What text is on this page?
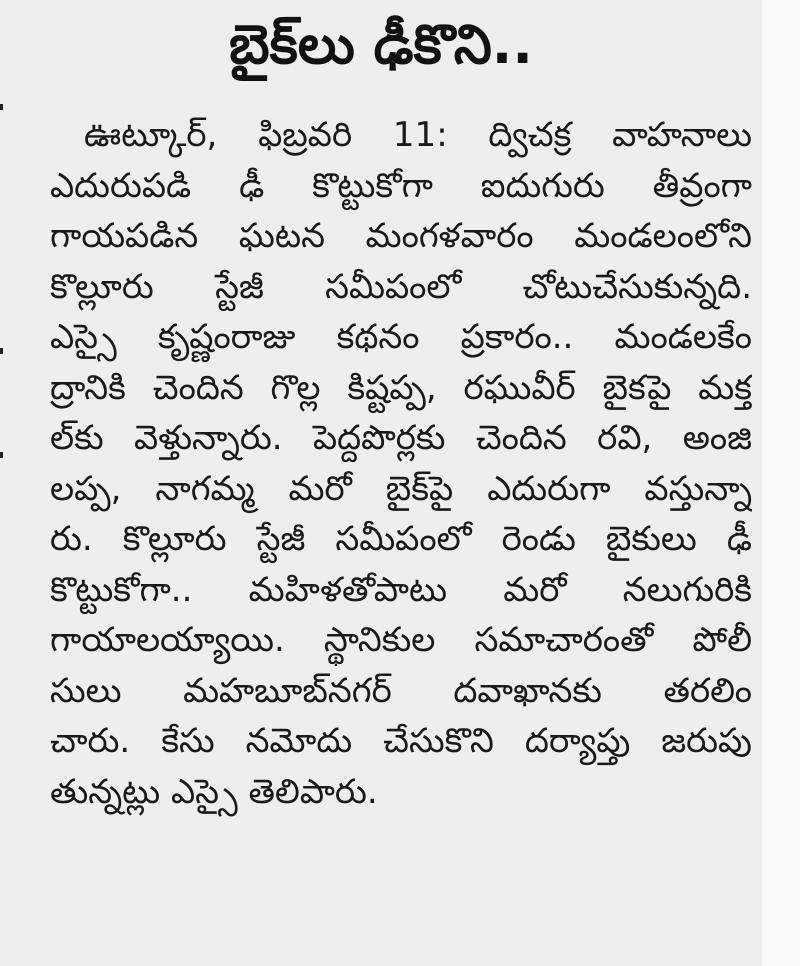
బైక్‌లు ఢీకొని..
ఊట్కూర్, ఫిబ్రవరి 11: ద్విచక్ర వాహనాలు
ఎదురుపడి ఢీ కొట్టుకోగా ఐదుగురు తీవ్రంగా
గాయపడిన ఘటన మంగళవారం మండలంలోని
కొల్లూరు స్టేజీ సమీపంలో చోటుచేసుకున్నది.
ఎస్సై కృష్ణంరాజు కథనం ప్రకారం.. మండలకేం
ద్రానికి చెందిన గొల్ల కిష్టప్ప, రఘువీర్ బైకపై మక్త
ల్‌కు వెళ్తున్నారు. పెద్దపొర్లకు చెందిన రవి, అంజి
లప్ప, నాగమ్మ మరో బైక్‌పై ఎదురుగా వస్తున్నా
రు. కొల్లూరు స్టేజీ సమీపంలో రెండు బైకులు ఢీ
కొట్టుకోగా.. మహిళతోపాటు మరో నలుగురికి
గాయాలయ్యాయి. స్థానికుల సమాచారంతో పోలీ
సులు మహబూబ్‌నగర్ దవాఖానకు తరలిం
చారు. కేసు నమోదు చేసుకొని దర్యాప్తు జరుపు
తున్నట్లు ఎస్సై తెలిపారు.
